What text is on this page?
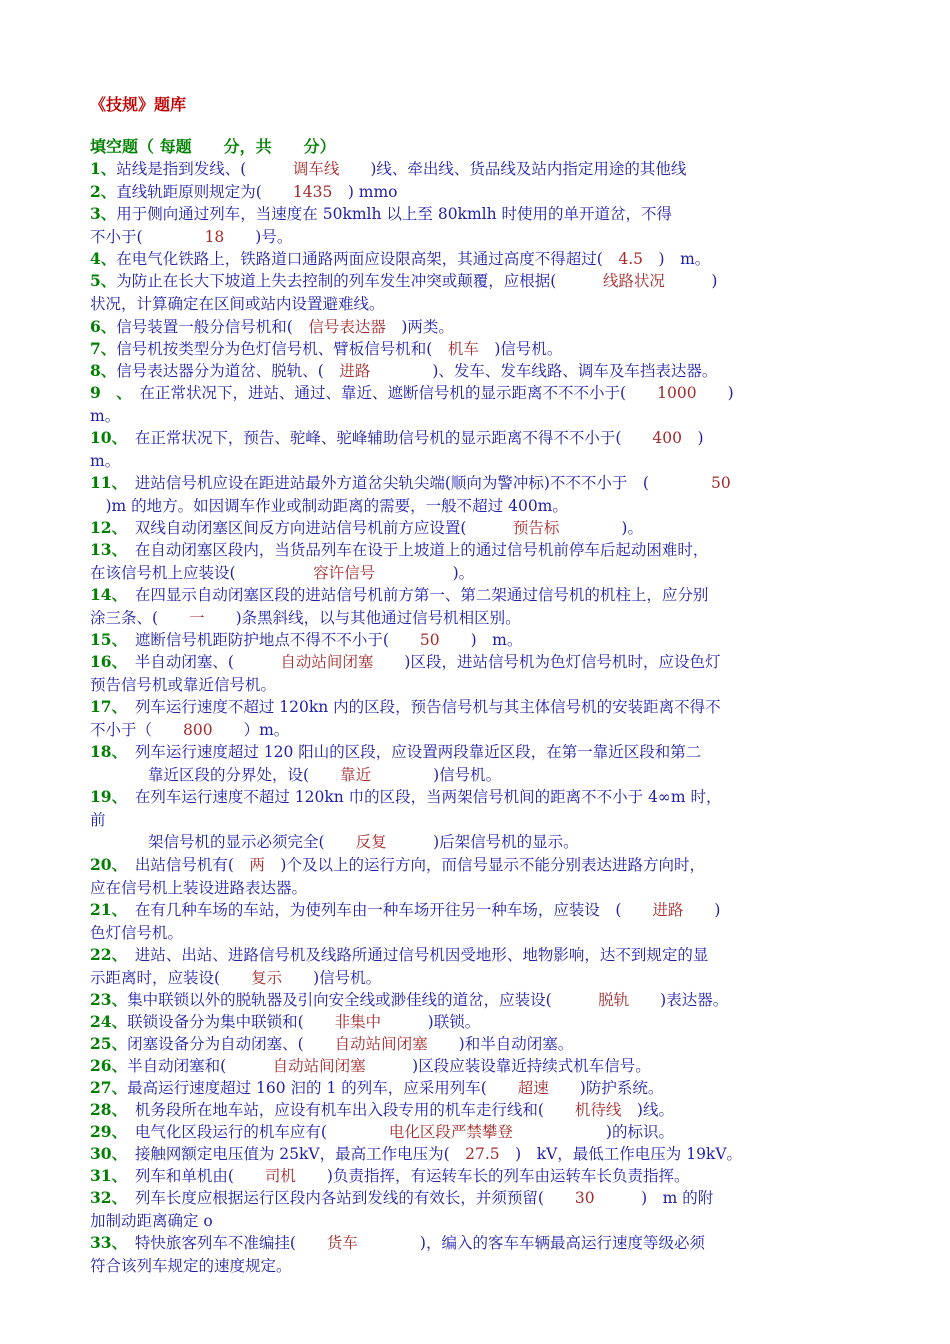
《技规》题库
填空题（ 每题　　分，共　　分）
1、站线是指到发线、(　　　调车线　　)线、牵出线、货品线及站内指定用途的其他线
2、直线轨距原则规定为(　　1435　) mmo
3、用于侧向通过列车，当速度在 50kmlh 以上至 80kmlh 时使用的单开道岔，不得
不小于(　　　　18　　)号。
4、在电气化铁路上，铁路道口通路两面应设限高架，其通过高度不得超过(　4.5　)　m。
5、为防止在长大下坡道上失去控制的列车发生冲突或颠覆，应根据(　　　线路状况　　　)
状况，计算确定在区间或站内设置避难线。
6、信号装置一般分信号机和(　信号表达器　)两类。
7、信号机按类型分为色灯信号机、臂板信号机和(　机车　)信号机。
8、信号表达器分为道岔、脱轨、(　进路　　　　)、发车、发车线路、调车及车挡表达器。
9　、　在正常状况下，进站、通过、靠近、遮断信号机的显示距离不不不小于(　　1000　　)
m。
10、　在正常状况下，预告、驼峰、驼峰辅助信号机的显示距离不得不不小于(　　400　)
m。
11、　进站信号机应设在距进站最外方道岔尖轨尖端(顺向为警冲标)不不不小于　(　　　　50
　)m 的地方。如因调车作业或制动距离的需要，一般不超过 400m。
12、　双线自动闭塞区间反方向进站信号机前方应设置(　　　预告标　　　　)。
13、　在自动闭塞区段内，当货品列车在设于上坡道上的通过信号机前停车后起动困难时，
在该信号机上应装设(　　　　　容许信号　　　　　)。
14、　在四显示自动闭塞区段的进站信号机前方第一、第二架通过信号机的机柱上，应分别
涂三条、(　　一　　)条黑斜线，以与其他通过信号机相区别。
15、　遮断信号机距防护地点不得不不小于(　　50　　)　m。
16、　半自动闭塞、(　　　自动站间闭塞　　)区段，进站信号机为色灯信号机时，应设色灯
预告信号机或靠近信号机。
17、　列车运行速度不超过 120kn 内的区段，预告信号机与其主体信号机的安装距离不得不
不小于（　　800　　）m。
18、　列车运行速度超过 120 阳山的区段，应设置两段靠近区段，在第一靠近区段和第二
靠近区段的分界处，设(　　靠近　　　　)信号机。
19、　在列车运行速度不超过 120kn 巾的区段，当两架信号机间的距离不不小于 4∞m 时，
前
架信号机的显示必须完全(　　反复　　　)后架信号机的显示。
20、　出站信号机有(　两　)个及以上的运行方向，而信号显示不能分别表达进路方向时，
应在信号机上装设进路表达器。
21、　在有几种车场的车站，为使列车由一种车场开往另一种车场，应装设　(　　进路　　)
色灯信号机。
22、　进站、出站、进路信号机及线路所通过信号机因受地形、地物影响，达不到规定的显
示距离时，应装设(　　复示　　)信号机。
23、集中联锁以外的脱轨器及引向安全线或渺佳线的道岔，应装设(　　　脱轨　　)表达器。
24、联锁设备分为集中联锁和(　　非集中　　　)联锁。
25、闭塞设备分为自动闭塞、(　　自动站间闭塞　　)和半自动闭塞。
26、半自动闭塞和(　　　自动站间闭塞　　　)区段应装设靠近持续式机车信号。
27、最高运行速度超过 160 汩的 1 的列车，应采用列车(　　超速　　)防护系统。
28、　机务段所在地车站，应设有机车出入段专用的机车走行线和(　　机待线　)线。
29、　电气化区段运行的机车应有(　　　　电化区段严禁攀登　　　　　　)的标识。
30、　接触网额定电压值为 25kV，最高工作电压为(　27.5　)　kV，最低工作电压为 19kV。
31、　列车和单机由(　　司机　　)负责指挥，有运转车长的列车由运转车长负责指挥。
32、　列车长度应根据运行区段内各站到发线的有效长，并须预留(　　30　　　)　m 的附
加制动距离确定 o
33、　特快旅客列车不准编挂(　　货车　　　　)，编入的客车车辆最高运行速度等级必须
符合该列车规定的速度规定。
